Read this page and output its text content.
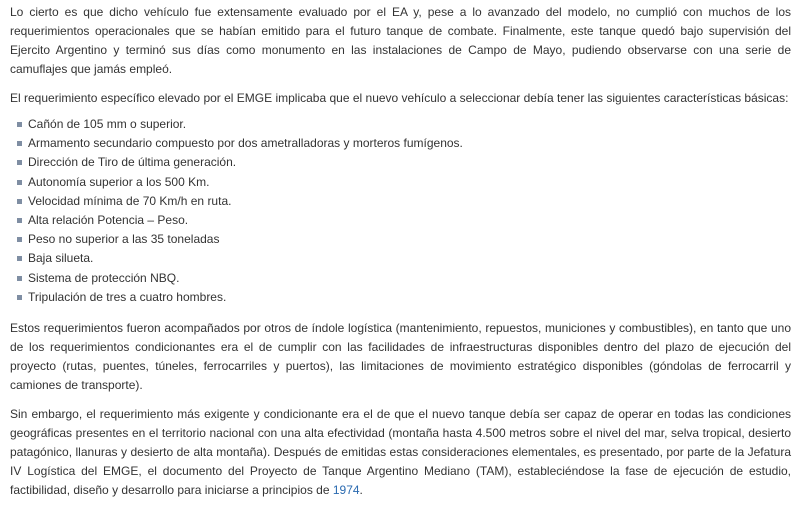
Lo cierto es que dicho vehículo fue extensamente evaluado por el EA y, pese a lo avanzado del modelo, no cumplió con muchos de los requerimientos operacionales que se habían emitido para el futuro tanque de combate. Finalmente, este tanque quedó bajo supervisión del Ejercito Argentino y terminó sus días como monumento en las instalaciones de Campo de Mayo, pudiendo observarse con una serie de camuflajes que jamás empleó.

El requerimiento específico elevado por el EMGE implicaba que el nuevo vehículo a seleccionar debía tener las siguientes características básicas:

Cañón de 105 mm o superior.
Armamento secundario compuesto por dos ametralladoras y morteros fumígenos.
Dirección de Tiro de última generación.
Autonomía superior a los 500 Km.
Velocidad mínima de 70 Km/h en ruta.
Alta relación Potencia – Peso.
Peso no superior a las 35 toneladas
Baja silueta.
Sistema de protección NBQ.
Tripulación de tres a cuatro hombres.

Estos requerimientos fueron acompañados por otros de índole logística (mantenimiento, repuestos, municiones y combustibles), en tanto que uno de los requerimientos condicionantes era el de cumplir con las facilidades de infraestructuras disponibles dentro del plazo de ejecución del proyecto (rutas, puentes, túneles, ferrocarriles y puertos), las limitaciones de movimiento estratégico disponibles (góndolas de ferrocarril y camiones de transporte).

Sin embargo, el requerimiento más exigente y condicionante era el de que el nuevo tanque debía ser capaz de operar en todas las condiciones geográficas presentes en el territorio nacional con una alta efectividad (montaña hasta 4.500 metros sobre el nivel del mar, selva tropical, desierto patagónico, llanuras y desierto de alta montaña). Después de emitidas estas consideraciones elementales, es presentado, por parte de la Jefatura IV Logística del EMGE, el documento del Proyecto de Tanque Argentino Mediano (TAM), estableciéndose la fase de ejecución de estudio, factibilidad, diseño y desarrollo para iniciarse a principios de 1974.
